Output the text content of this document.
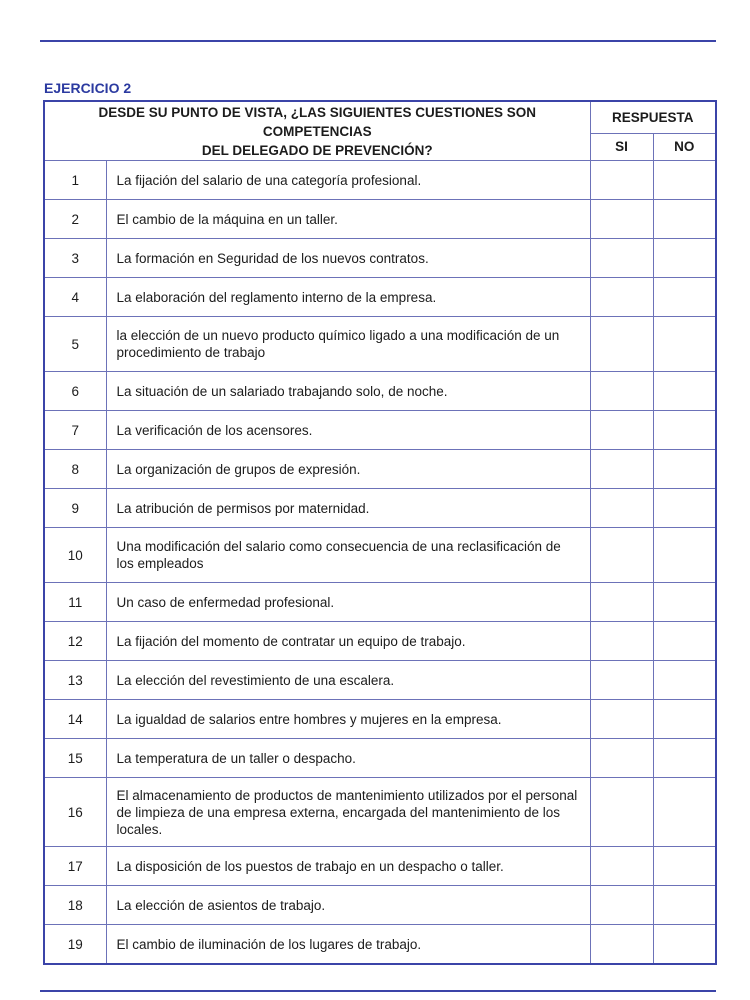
EJERCICIO 2
DESDE SU PUNTO DE VISTA, ¿LAS SIGUIENTES CUESTIONES SON COMPETENCIAS
DEL DELEGADO DE PREVENCIÓN?		RESPUESTA	
		SI	NO
1	La fijación del salario de una categoría profesional.		
2	El cambio de la máquina en un taller.		
3	La formación en Seguridad de los nuevos contratos.		
4	La elaboración del reglamento interno de la empresa.		
5	la elección de un nuevo producto químico ligado a una modificación de un procedimiento de trabajo		
6	La situación de un salariado trabajando solo, de noche.		
7	La verificación de los acensores.		
8	La organización de grupos de expresión.		
9	La atribución de permisos por maternidad.		
10	Una modificación del salario como consecuencia de una reclasificación de los empleados		
11	Un caso de enfermedad profesional.		
12	La fijación del momento de contratar un equipo de trabajo.		
13	La elección del revestimiento de una escalera.		
14	La igualdad de salarios entre hombres y mujeres en la empresa.		
15	La temperatura de un taller o despacho.		
16	El almacenamiento de productos de mantenimiento utilizados por el personal de limpieza de una empresa externa, encargada del mantenimiento de los locales.		
17	La disposición de los puestos de trabajo en un despacho o taller.		
18	La elección de asientos de trabajo.		
19	El cambio de iluminación de los lugares de trabajo.		
